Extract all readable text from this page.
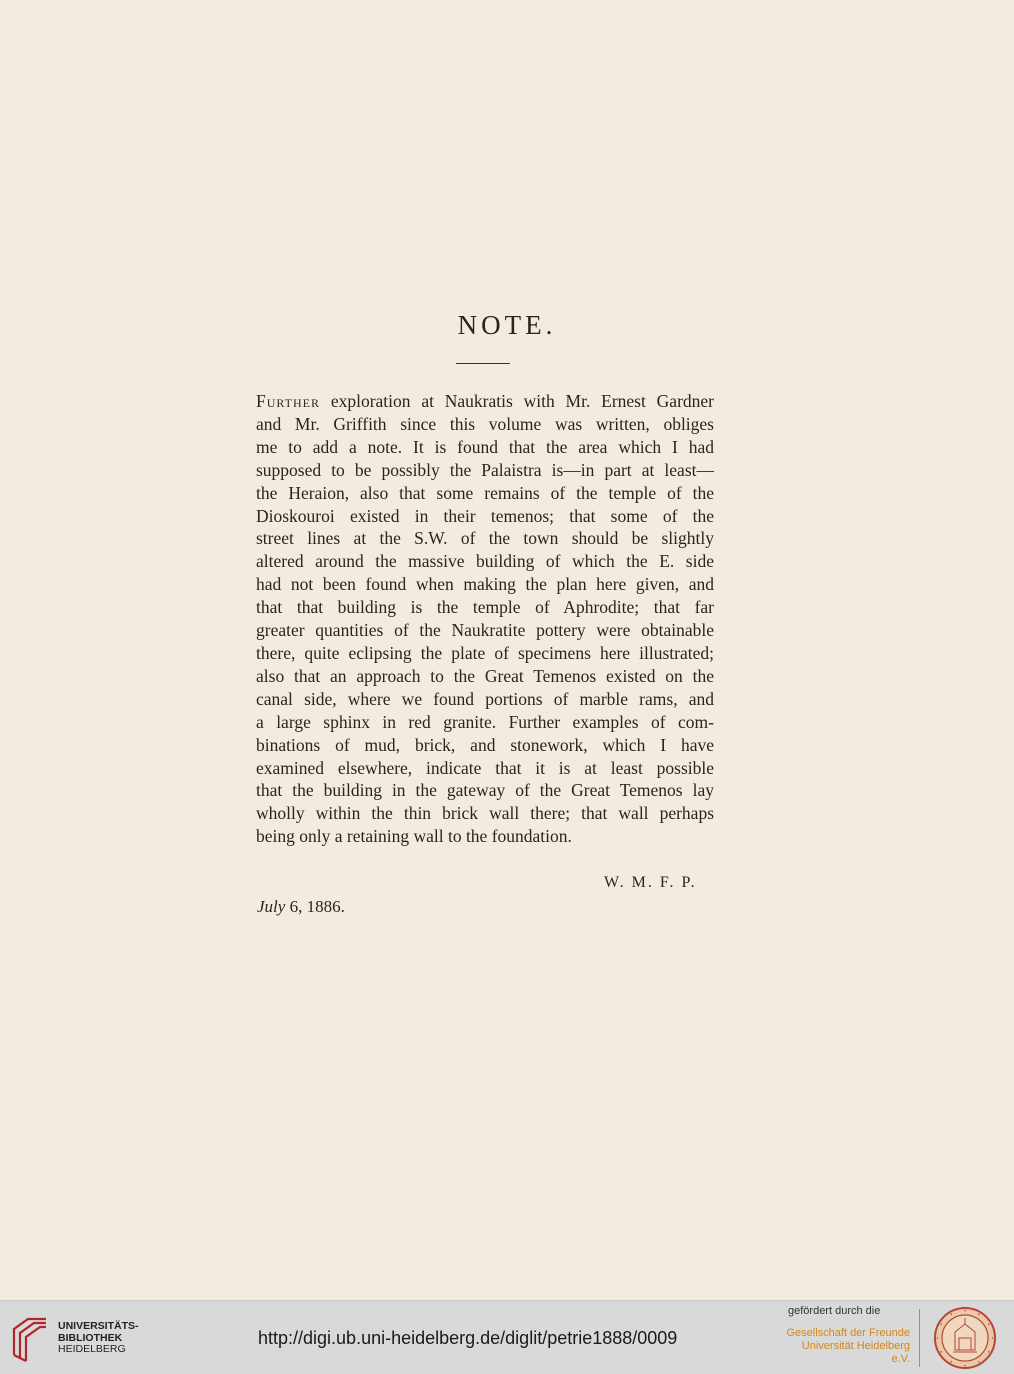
NOTE.
Further exploration at Naukratis with Mr. Ernest Gardner
and Mr. Griffith since this volume was written, obliges
me to add a note. It is found that the area which I had
supposed to be possibly the Palaistra is—in part at least—
the Heraion, also that some remains of the temple of the
Dioskouroi existed in their temenos; that some of the
street lines at the S.W. of the town should be slightly
altered around the massive building of which the E. side
had not been found when making the plan here given, and
that that building is the temple of Aphrodite; that far
greater quantities of the Naukratite pottery were obtainable
there, quite eclipsing the plate of specimens here illustrated;
also that an approach to the Great Temenos existed on the
canal side, where we found portions of marble rams, and
a large sphinx in red granite. Further examples of com-
binations of mud, brick, and stonework, which I have
examined elsewhere, indicate that it is at least possible
that the building in the gateway of the Great Temenos lay
wholly within the thin brick wall there; that wall perhaps
being only a retaining wall to the foundation.
W. M. F. P.
July 6, 1886.
UNIVERSITÄTS-
BIBLIOTHEK
HEIDELBERG
http://digi.ub.uni-heidelberg.de/diglit/petrie1888/0009
gefördert durch die
Gesellschaft der Freunde
Universität Heidelberg e.V.
